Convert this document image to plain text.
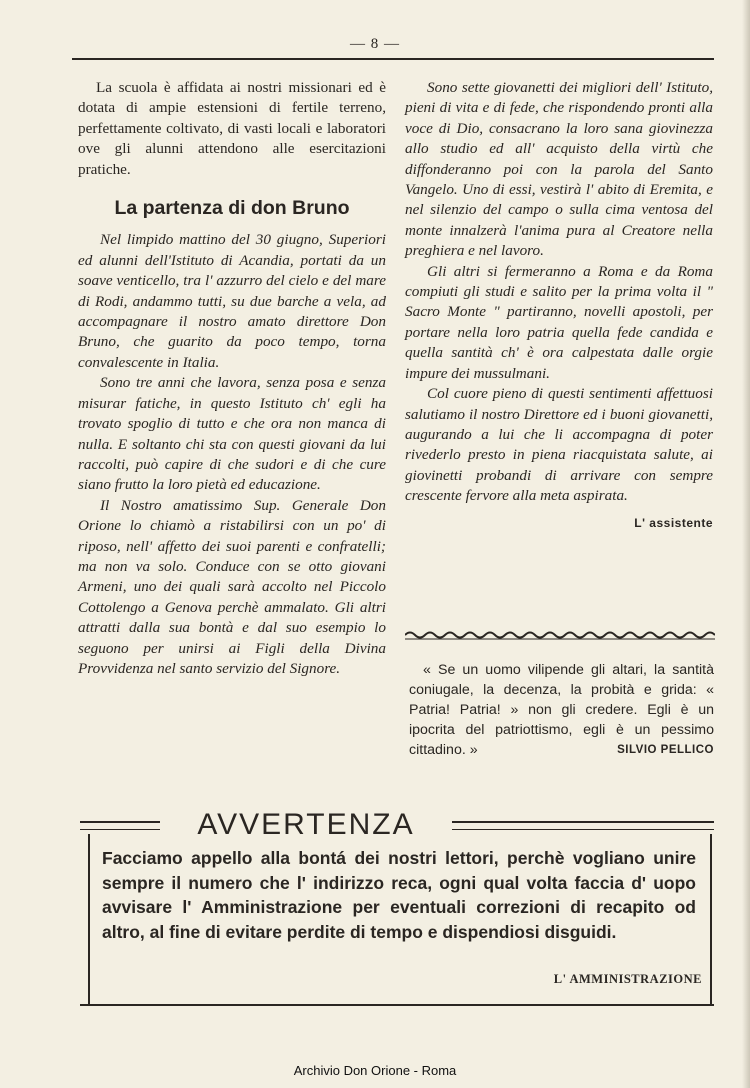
— 8 —

La scuola è affidata ai nostri missionari ed è dotata di ampie estensioni di fertile terreno, perfettamente coltivato, di vasti locali e laboratori ove gli alunni attendono alle esercitazioni pratiche.

La partenza di don Bruno

Nel limpido mattino del 30 giugno, Superiori ed alunni dell'Istituto di Acandia, portati da un soave venticello, tra l' azzurro del cielo e del mare di Rodi, andammo tutti, su due barche a vela, ad accompagnare il nostro amato direttore Don Bruno, che guarito da poco tempo, torna convalescente in Italia.

Sono tre anni che lavora, senza posa e senza misurar fatiche, in questo Istituto ch' egli ha trovato spoglio di tutto e che ora non manca di nulla. E soltanto chi sta con questi giovani da lui raccolti, può capire di che sudori e di che cure siano frutto la loro pietà ed educazione.

Il Nostro amatissimo Sup. Generale Don Orione lo chiamò a ristabilirsi con un po' di riposo, nell' affetto dei suoi parenti e confratelli; ma non va solo. Conduce con se otto giovani Armeni, uno dei quali sarà accolto nel Piccolo Cottolengo a Genova perchè ammalato. Gli altri attratti dalla sua bontà e dal suo esempio lo seguono per unirsi ai Figli della Divina Provvidenza nel santo servizio del Signore.

Sono sette giovanetti dei migliori dell' Istituto, pieni di vita e di fede, che rispondendo pronti alla voce di Dio, consacrano la loro sana giovinezza allo studio ed all' acquisto della virtù che diffonderanno poi con la parola del Santo Vangelo. Uno di essi, vestirà l' abito di Eremita, e nel silenzio del campo o sulla cima ventosa del monte innalzerà l'anima pura al Creatore nella preghiera e nel lavoro.

Gli altri si fermeranno a Roma e da Roma compiuti gli studi e salito per la prima volta il " Sacro Monte " partiranno, novelli apostoli, per portare nella loro patria quella fede candida e quella santità ch' è ora calpestata dalle orgie impure dei mussulmani.

Col cuore pieno di questi sentimenti affettuosi salutiamo il nostro Direttore ed i buoni giovanetti, augurando a lui che li accompagna di poter rivederlo presto in piena riacquistata salute, ai giovinetti probandi di arrivare con sempre crescente fervore alla meta aspirata.

L' assistente

« Se un uomo vilipende gli altari, la santità coniugale, la decenza, la probità e grida: « Patria! Patria! » non gli credere. Egli è un ipocrita del patriottismo, egli è un pessimo cittadino. »	SILVIO PELLICO
AVVERTENZA

Facciamo appello alla bontá dei nostri lettori, perchè vogliano unire sempre il numero che l' indirizzo reca, ogni qual volta faccia d' uopo avvisare l' Amministrazione per eventuali correzioni di recapito od altro, al fine di evitare perdite di tempo e dispendiosi disguidi.

L' AMMINISTRAZIONE
Archivio Don Orione - Roma
